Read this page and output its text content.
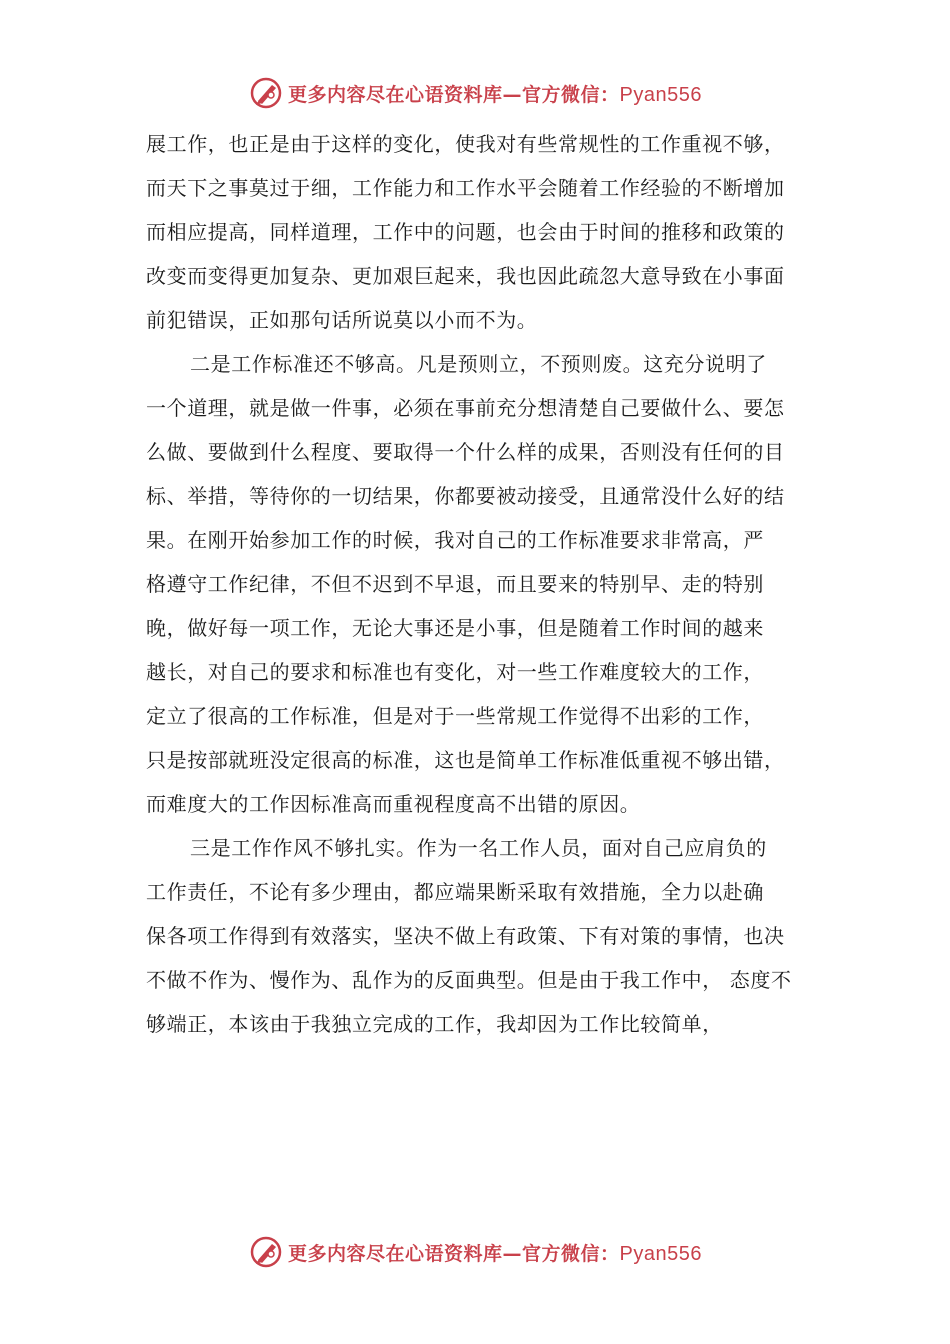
更多内容尽在心语资料库—官方微信：Pyan556
展工作，也正是由于这样的变化，使我对有些常规性的工作重视不够，
而天下之事莫过于细，工作能力和工作水平会随着工作经验的不断增加
而相应提高，同样道理，工作中的问题，也会由于时间的推移和政策的
改变而变得更加复杂、更加艰巨起来，我也因此疏忽大意导致在小事面
前犯错误，正如那句话所说莫以小而不为。
二是工作标准还不够高。凡是预则立，不预则废。这充分说明了
一个道理，就是做一件事，必须在事前充分想清楚自己要做什么、要怎
么做、要做到什么程度、要取得一个什么样的成果，否则没有任何的目
标、举措，等待你的一切结果，你都要被动接受，且通常没什么好的结
果。在刚开始参加工作的时候，我对自己的工作标准要求非常高，严
格遵守工作纪律，不但不迟到不早退，而且要来的特别早、走的特别
晚，做好每一项工作，无论大事还是小事，但是随着工作时间的越来
越长，对自己的要求和标准也有变化，对一些工作难度较大的工作，
定立了很高的工作标准，但是对于一些常规工作觉得不出彩的工作，
只是按部就班没定很高的标准，这也是简单工作标准低重视不够出错，
而难度大的工作因标准高而重视程度高不出错的原因。
三是工作作风不够扎实。作为一名工作人员，面对自己应肩负的
工作责任，不论有多少理由，都应端果断采取有效措施，全力以赴确
保各项工作得到有效落实，坚决不做上有政策、下有对策的事情，也决
不做不作为、慢作为、乱作为的反面典型。但是由于我工作中， 态度不
够端正，本该由于我独立完成的工作，我却因为工作比较简单，
更多内容尽在心语资料库—官方微信：Pyan556
